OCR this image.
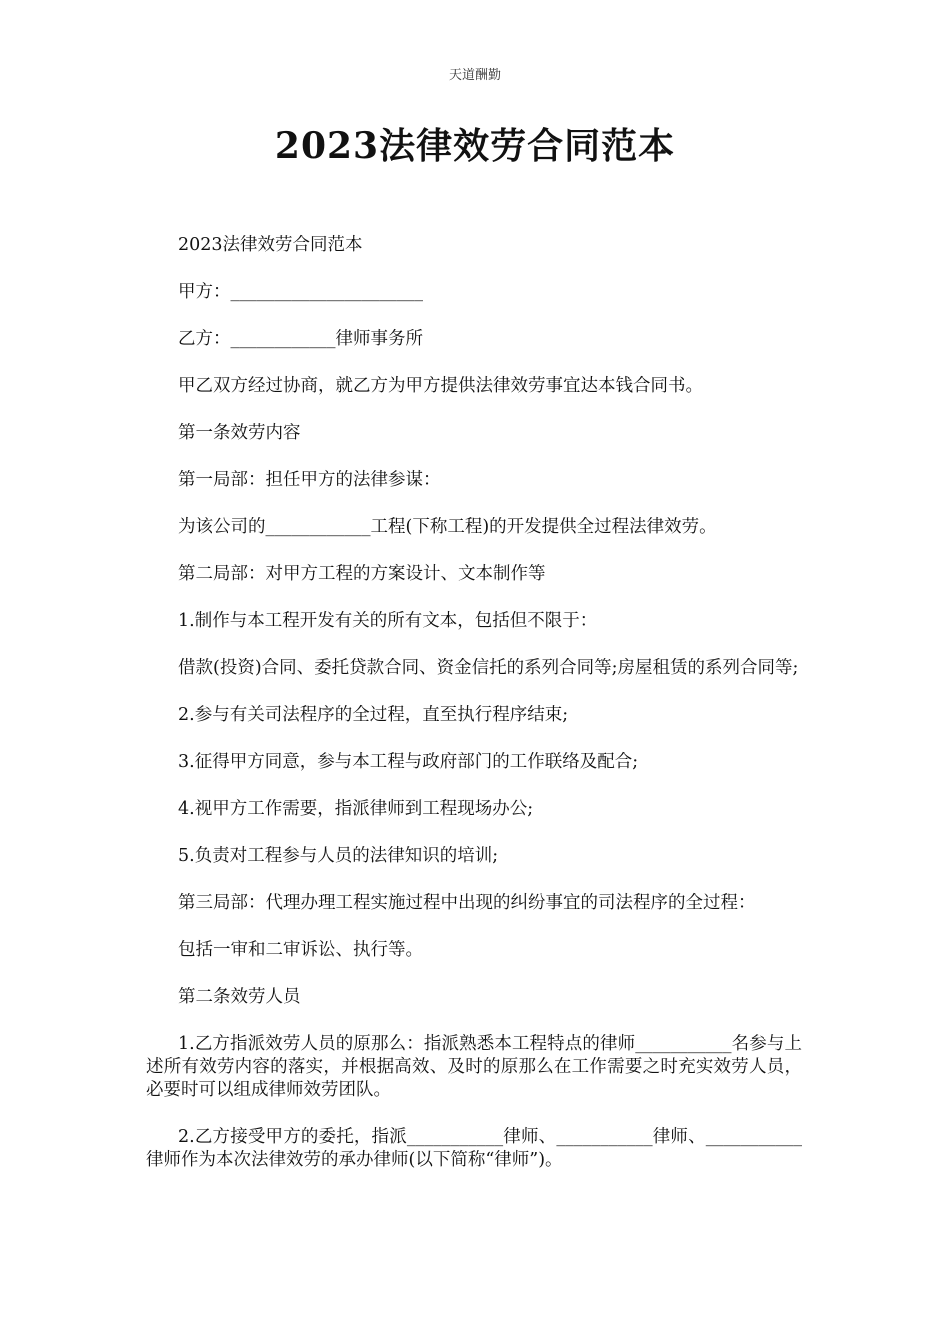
天道酬勤
2023法律效劳合同范本

2023法律效劳合同范本

甲方：______________________

乙方：____________律师事务所

甲乙双方经过协商，就乙方为甲方提供法律效劳事宜达本钱合同书。

第一条效劳内容

第一局部：担任甲方的法律参谋：

为该公司的____________工程(下称工程)的开发提供全过程法律效劳。

第二局部：对甲方工程的方案设计、文本制作等

1.制作与本工程开发有关的所有文本，包括但不限于：

借款(投资)合同、委托贷款合同、资金信托的系列合同等;房屋租赁的系列合同等;

2.参与有关司法程序的全过程，直至执行程序结束;

3.征得甲方同意，参与本工程与政府部门的工作联络及配合;

4.视甲方工作需要，指派律师到工程现场办公;

5.负责对工程参与人员的法律知识的培训;

第三局部：代理办理工程实施过程中出现的纠纷事宜的司法程序的全过程：

包括一审和二审诉讼、执行等。

第二条效劳人员

1.乙方指派效劳人员的原那么：指派熟悉本工程特点的律师___________名参与上述所有效劳内容的落实，并根据高效、及时的原那么在工作需要之时充实效劳人员，必要时可以组成律师效劳团队。

2.乙方接受甲方的委托，指派___________律师、___________律师、___________律师作为本次法律效劳的承办律师(以下简称“律师”)。
